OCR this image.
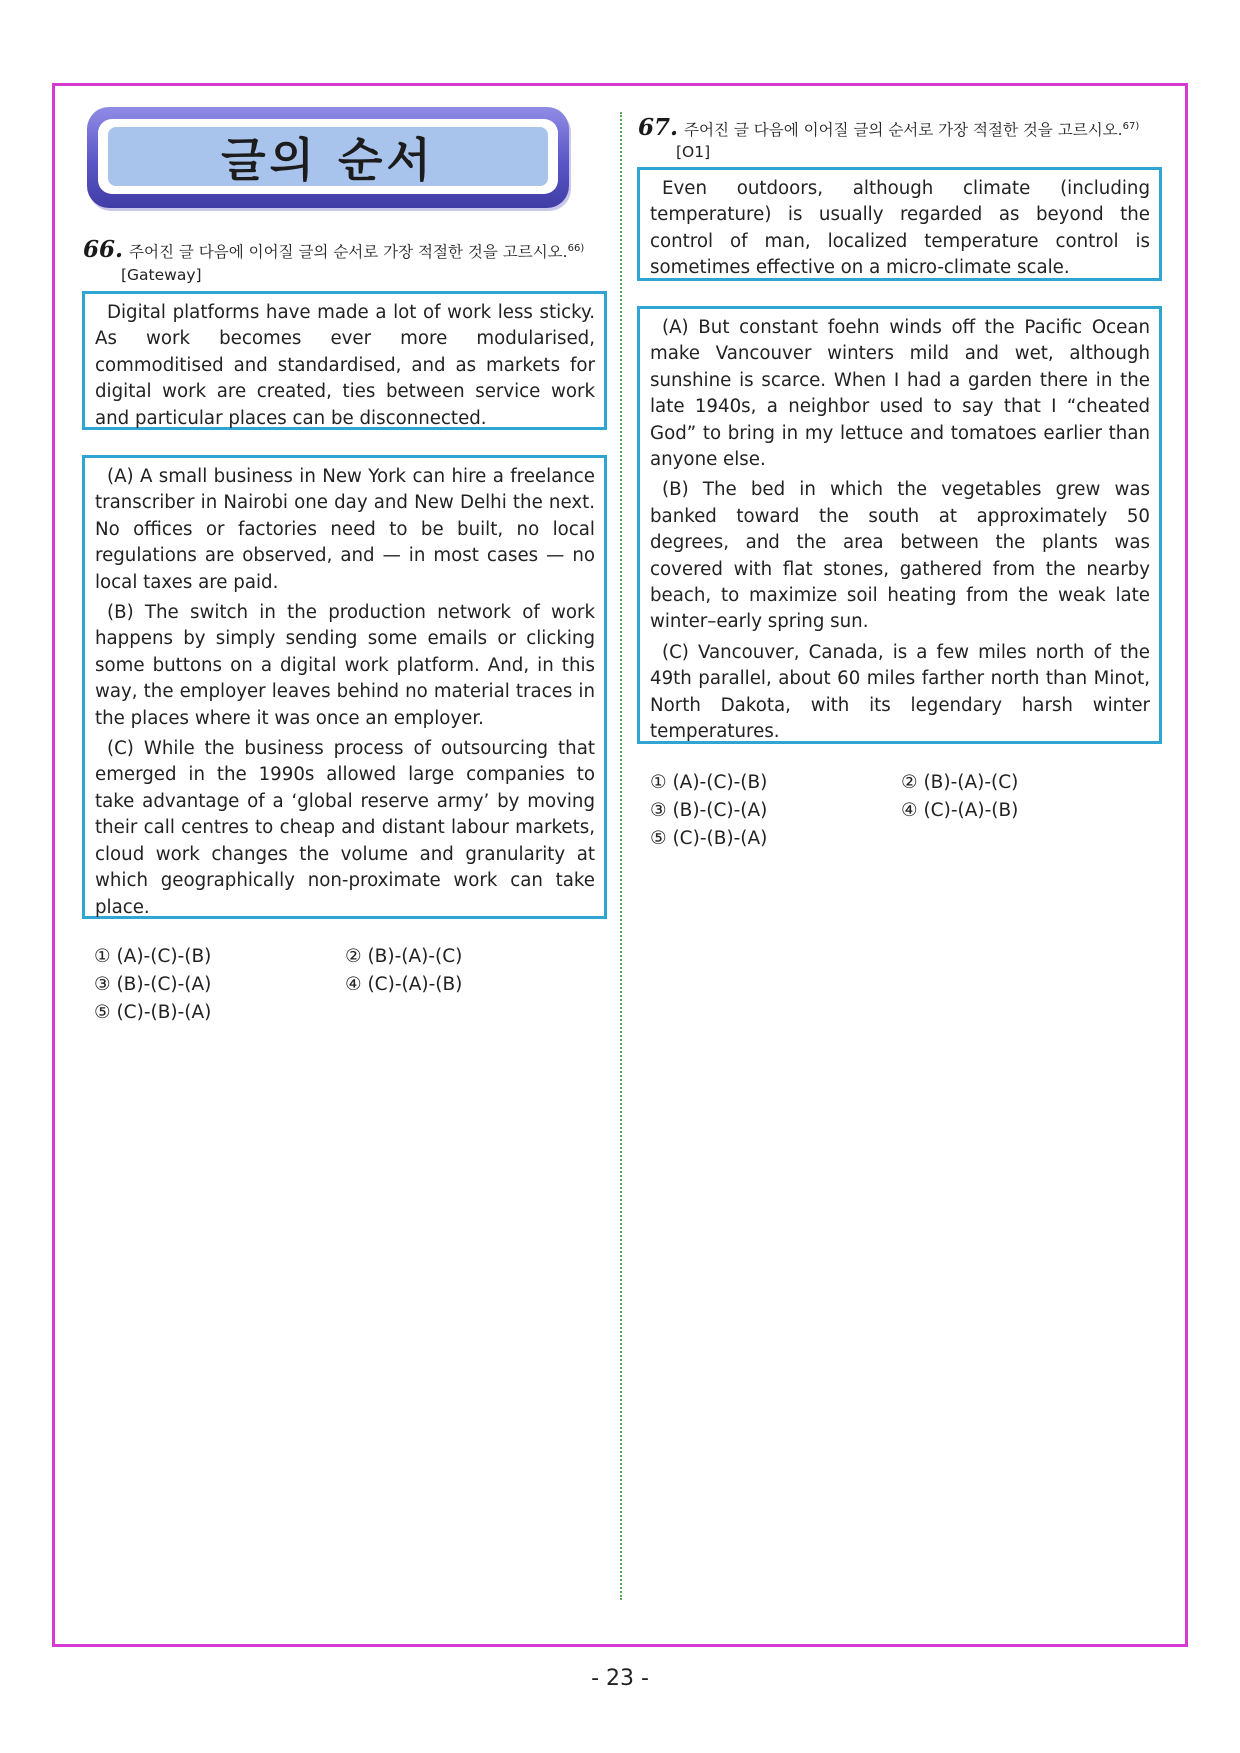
글의 순서
66. 주어진 글 다음에 이어질 글의 순서로 가장 적절한 것을 고르시오.$^{66)}$
[Gateway]

Digital platforms have made a lot of work less sticky. As work becomes ever more modularised, commoditised and standardised, and as markets for digital work are created, ties between service work and particular places can be disconnected.

(A) A small business in New York can hire a freelance transcriber in Nairobi one day and New Delhi the next. No offices or factories need to be built, no local regulations are observed, and — in most cases — no local taxes are paid.

(B) The switch in the production network of work happens by simply sending some emails or clicking some buttons on a digital work platform. And, in this way, the employer leaves behind no material traces in the places where it was once an employer.

(C) While the business process of outsourcing that emerged in the 1990s allowed large companies to take advantage of a ‘global reserve army’ by moving their call centres to cheap and distant labour markets, cloud work changes the volume and granularity at which geographically non-proximate work can take place.

① (A)-(C)-(B)	② (B)-(A)-(C)
③ (B)-(C)-(A)	④ (C)-(A)-(B)
⑤ (C)-(B)-(A)
67. 주어진 글 다음에 이어질 글의 순서로 가장 적절한 것을 고르시오.$^{67)}$
[O1]

Even outdoors, although climate (including temperature) is usually regarded as beyond the control of man, localized temperature control is sometimes effective on a micro-climate scale.

(A) But constant foehn winds off the Pacific Ocean make Vancouver winters mild and wet, although sunshine is scarce. When I had a garden there in the late 1940s, a neighbor used to say that I “cheated God” to bring in my lettuce and tomatoes earlier than anyone else.

(B) The bed in which the vegetables grew was banked toward the south at approximately 50 degrees, and the area between the plants was covered with flat stones, gathered from the nearby beach, to maximize soil heating from the weak late winter–early spring sun.

(C) Vancouver, Canada, is a few miles north of the 49th parallel, about 60 miles farther north than Minot, North Dakota, with its legendary harsh winter temperatures.

① (A)-(C)-(B)	② (B)-(A)-(C)
③ (B)-(C)-(A)	④ (C)-(A)-(B)
⑤ (C)-(B)-(A)
- 23 -
